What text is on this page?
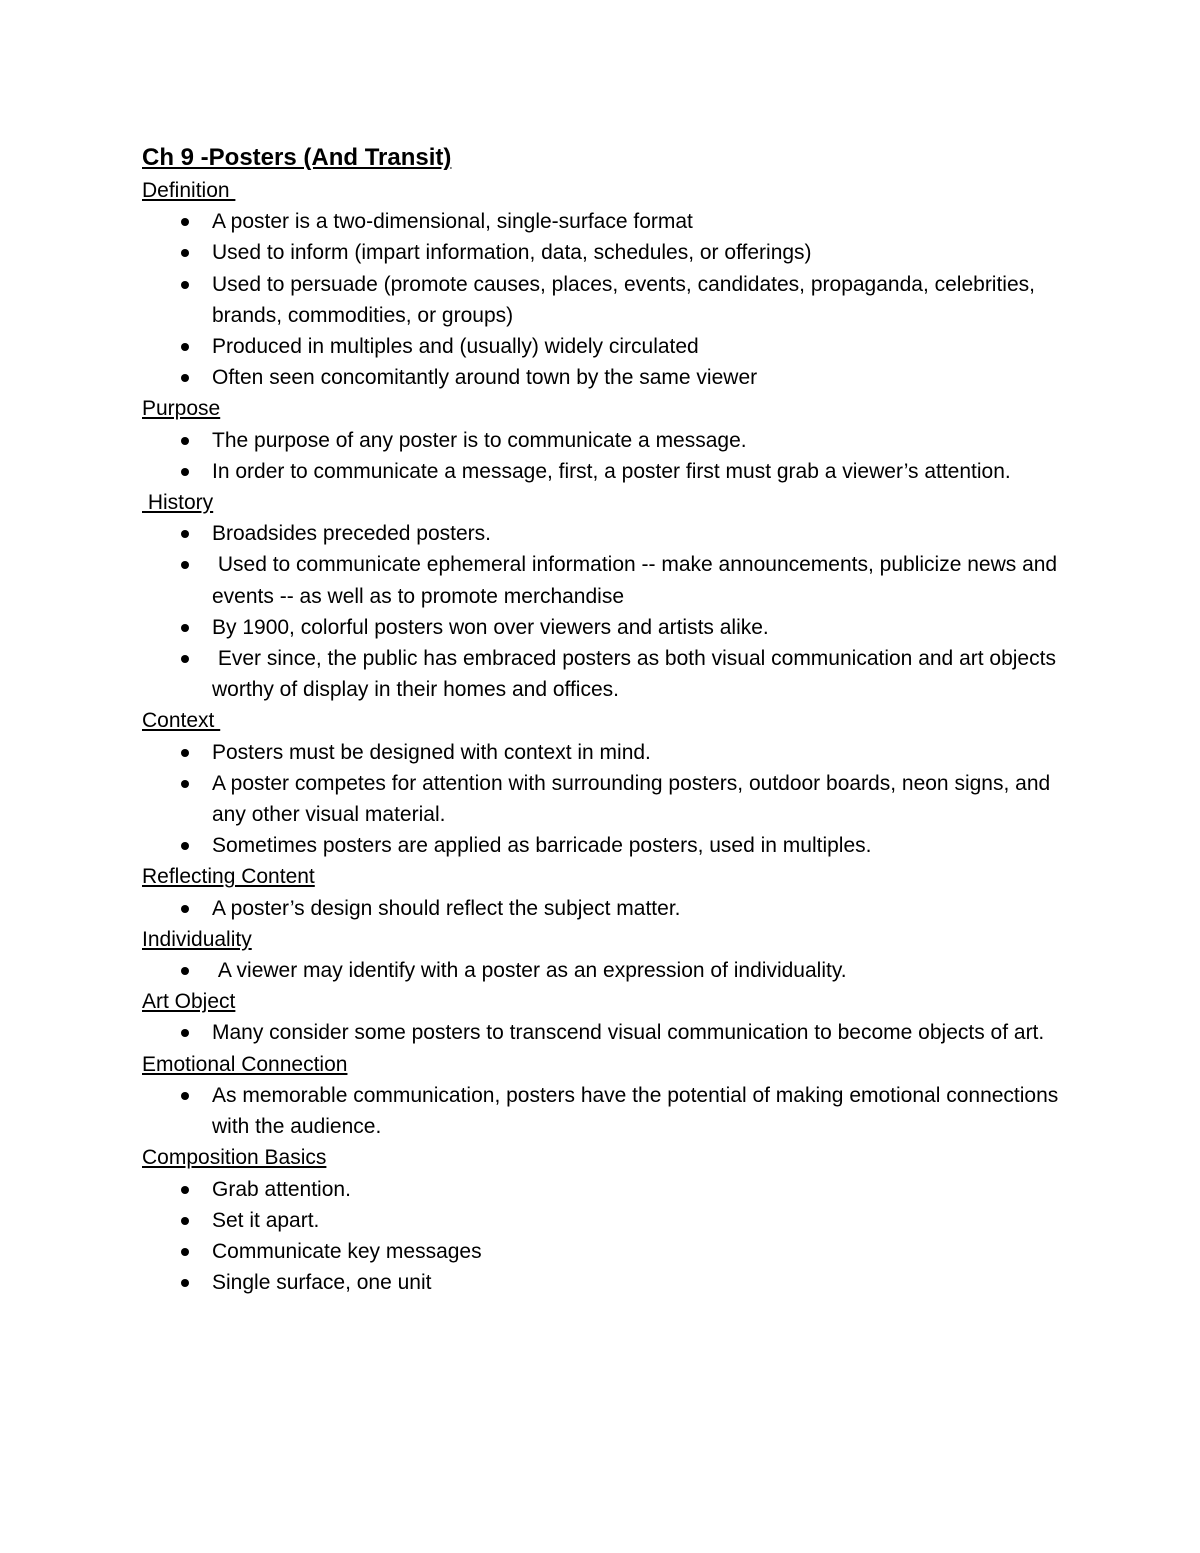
Ch 9 -Posters (And Transit)
Definition
A poster is a two-dimensional, single-surface format
Used to inform (impart information, data, schedules, or offerings)
Used to persuade (promote causes, places, events, candidates, propaganda, celebrities, brands, commodities, or groups)
Produced in multiples and (usually) widely circulated
Often seen concomitantly around town by the same viewer
Purpose
The purpose of any poster is to communicate a message.
In order to communicate a message, first, a poster first must grab a viewer’s attention.
History
Broadsides preceded posters.
Used to communicate ephemeral information -- make announcements, publicize news and events -- as well as to promote merchandise
By 1900, colorful posters won over viewers and artists alike.
Ever since, the public has embraced posters as both visual communication and art objects worthy of display in their homes and offices.
Context
Posters must be designed with context in mind.
A poster competes for attention with surrounding posters, outdoor boards, neon signs, and any other visual material.
Sometimes posters are applied as barricade posters, used in multiples.
Reflecting Content
A poster’s design should reflect the subject matter.
Individuality
A viewer may identify with a poster as an expression of individuality.
Art Object
Many consider some posters to transcend visual communication to become objects of art.
Emotional Connection
As memorable communication, posters have the potential of making emotional connections with the audience.
Composition Basics
Grab attention.
Set it apart.
Communicate key messages
Single surface, one unit
